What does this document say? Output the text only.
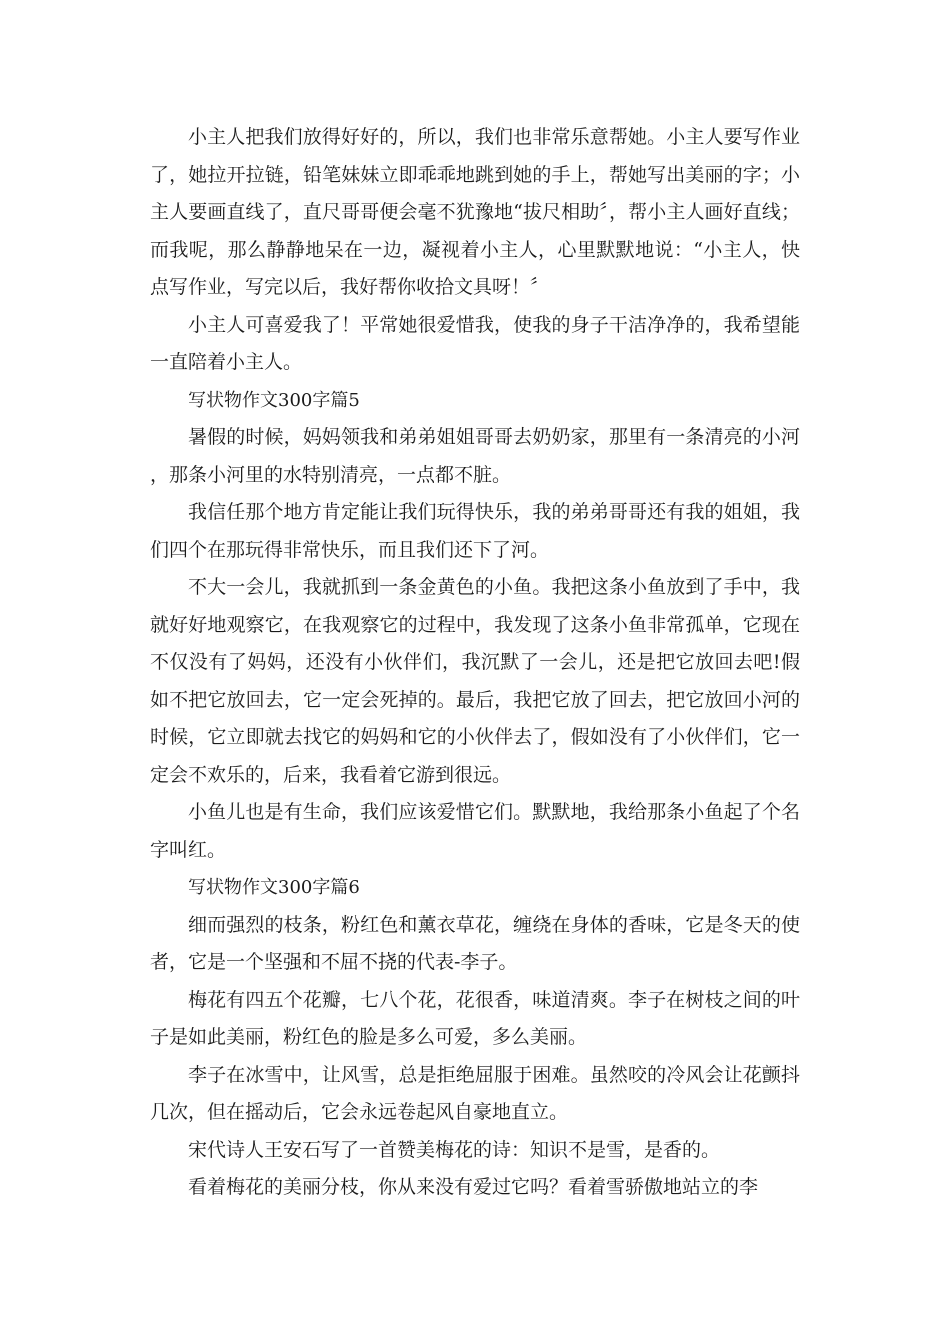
小主人把我们放得好好的，所以，我们也非常乐意帮她。小主人要写作业了，她拉开拉链，铅笔妹妹立即乖乖地跳到她的手上，帮她写出美丽的字；小主人要画直线了，直尺哥哥便会毫不犹豫地“拔尺相助〞，帮小主人画好直线；而我呢，那么静静地呆在一边，凝视着小主人，心里默默地说：“小主人，快点写作业，写完以后，我好帮你收拾文具呀！〞

小主人可喜爱我了！平常她很爱惜我，使我的身子干洁净净的，我希望能一直陪着小主人。

写状物作文300字篇5

暑假的时候，妈妈领我和弟弟姐姐哥哥去奶奶家，那里有一条清亮的小河，那条小河里的水特别清亮，一点都不脏。

我信任那个地方肯定能让我们玩得快乐，我的弟弟哥哥还有我的姐姐，我们四个在那玩得非常快乐，而且我们还下了河。

不大一会儿，我就抓到一条金黄色的小鱼。我把这条小鱼放到了手中，我就好好地观察它，在我观察它的过程中，我发现了这条小鱼非常孤单，它现在不仅没有了妈妈，还没有小伙伴们，我沉默了一会儿，还是把它放回去吧!假如不把它放回去，它一定会死掉的。最后，我把它放了回去，把它放回小河的时候，它立即就去找它的妈妈和它的小伙伴去了，假如没有了小伙伴们，它一定会不欢乐的，后来，我看着它游到很远。

小鱼儿也是有生命，我们应该爱惜它们。默默地，我给那条小鱼起了个名字叫红。

写状物作文300字篇6

细而强烈的枝条，粉红色和薰衣草花，缠绕在身体的香味，它是冬天的使者，它是一个坚强和不屈不挠的代表-李子。

梅花有四五个花瓣，七八个花，花很香，味道清爽。李子在树枝之间的叶子是如此美丽，粉红色的脸是多么可爱，多么美丽。

李子在冰雪中，让风雪，总是拒绝屈服于困难。虽然咬的冷风会让花颤抖几次，但在摇动后，它会永远卷起风自豪地直立。

宋代诗人王安石写了一首赞美梅花的诗：知识不是雪，是香的。

看着梅花的美丽分枝，你从来没有爱过它吗？看着雪骄傲地站立的李
